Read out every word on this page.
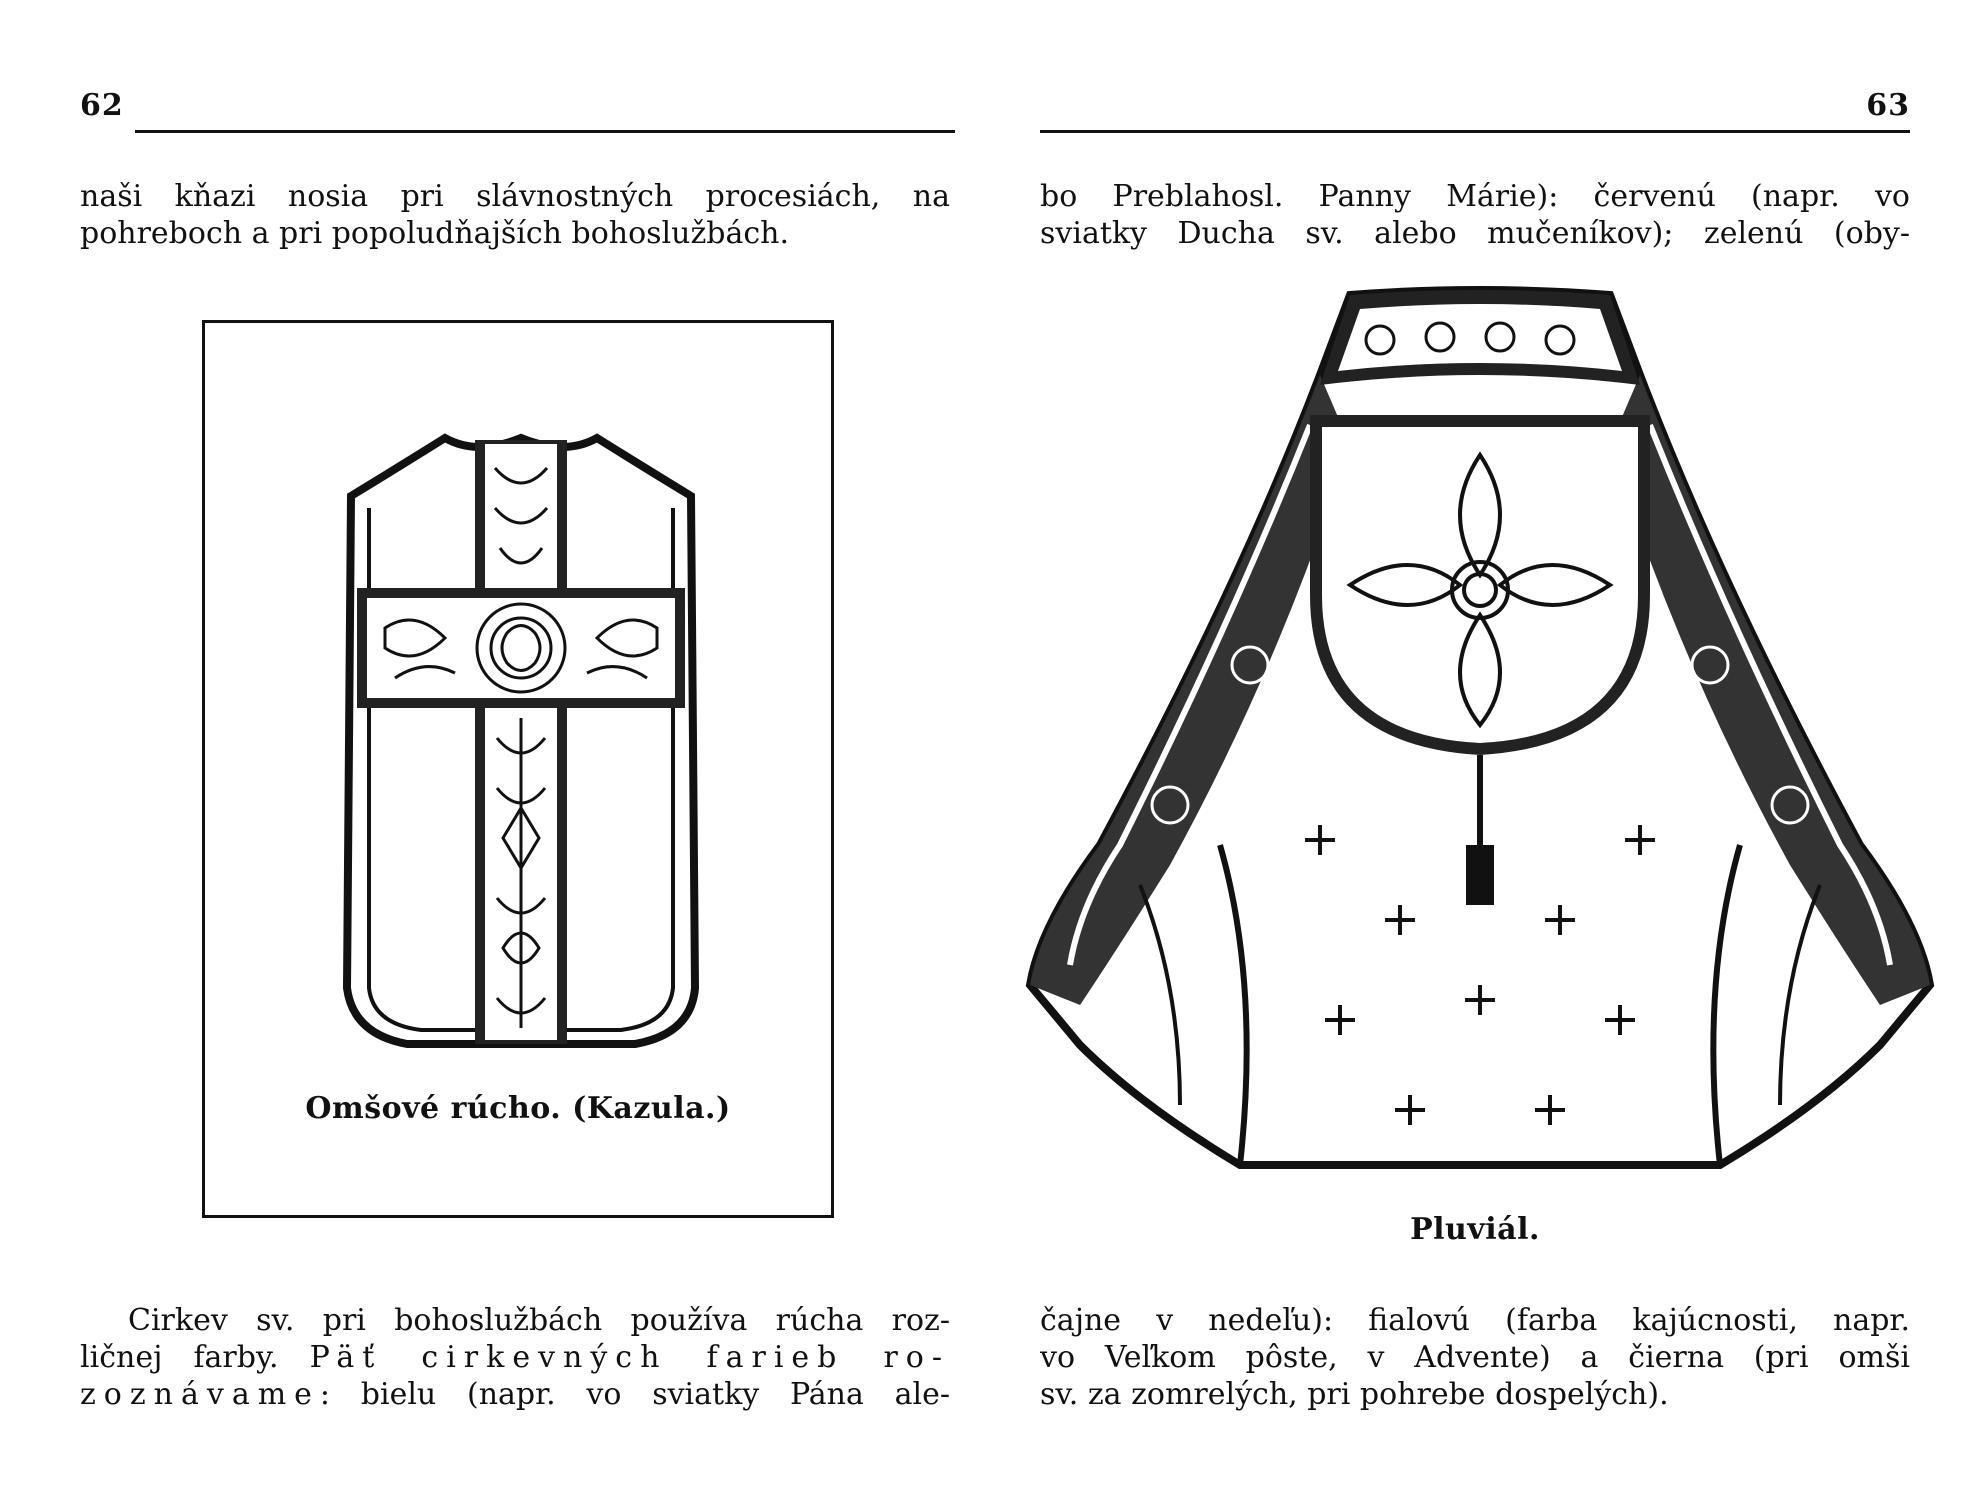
62
naši kňazi nosia pri slávnostných procesiách, na
pohreboch a pri popoludňajších bohoslužbách.
Omšové rúcho. (Kazula.)
Cirkev sv. pri bohoslužbách používa rúcha roz-
ličnej farby. Päť cirkevných farieb ro-
zoznávame: bielu (napr. vo sviatky Pána ale-
63
bo Preblahosl. Panny Márie): červenú (napr. vo
sviatky Ducha sv. alebo mučeníkov); zelenú (oby-
Pluviál.
čajne v nedeľu): fialovú (farba kajúcnosti, napr.
vo Veľkom pôste, v Advente) a čierna (pri omši
sv. za zomrelých, pri pohrebe dospelých).
